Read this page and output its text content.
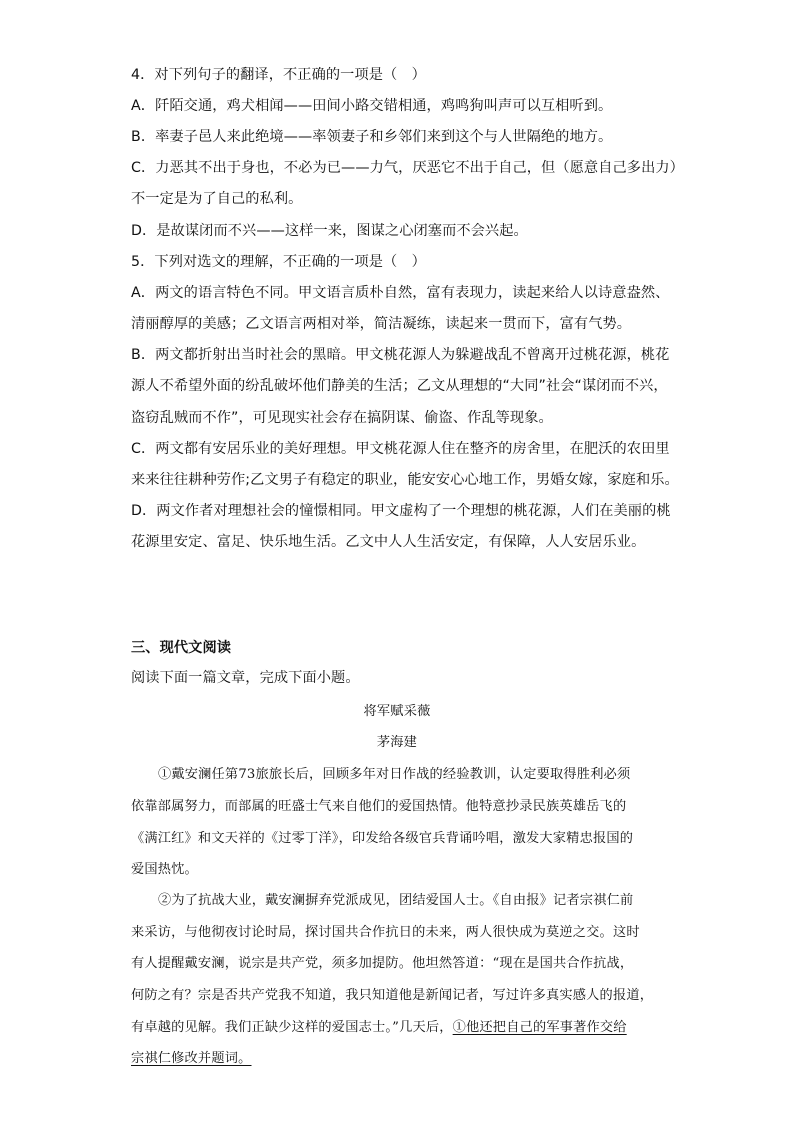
4．对下列句子的翻译，不正确的一项是（　）
A．阡陌交通，鸡犬相闻——田间小路交错相通，鸡鸣狗叫声可以互相听到。
B．率妻子邑人来此绝境——率领妻子和乡邻们来到这个与人世隔绝的地方。
C．力恶其不出于身也，不必为已——力气，厌恶它不出于自己，但（愿意自己多出力）
不一定是为了自己的私利。
D．是故谋闭而不兴——这样一来，图谋之心闭塞而不会兴起。
5．下列对选文的理解，不正确的一项是（　）
A．两文的语言特色不同。甲文语言质朴自然，富有表现力，读起来给人以诗意盎然、
清丽醇厚的美感；乙文语言两相对举，简洁凝练，读起来一贯而下，富有气势。
B．两文都折射出当时社会的黑暗。甲文桃花源人为躲避战乱不曾离开过桃花源，桃花
源人不希望外面的纷乱破坏他们静美的生活；乙文从理想的“大同”社会“谋闭而不兴，
盗窃乱贼而不作”，可见现实社会存在搞阴谋、偷盗、作乱等现象。
C．两文都有安居乐业的美好理想。甲文桃花源人住在整齐的房舍里，在肥沃的农田里
来来往往耕种劳作;乙文男子有稳定的职业，能安安心心地工作，男婚女嫁，家庭和乐。
D．两文作者对理想社会的憧憬相同。甲文虚构了一个理想的桃花源，人们在美丽的桃
花源里安定、富足、快乐地生活。乙文中人人生活安定，有保障，人人安居乐业。
三、现代文阅读
阅读下面一篇文章，完成下面小题。
将军赋采薇
茅海建
①戴安澜任第73旅旅长后，回顾多年对日作战的经验教训，认定要取得胜利必须
依靠部属努力，而部属的旺盛士气来自他们的爱国热情。他特意抄录民族英雄岳飞的
《满江红》和文天祥的《过零丁洋》，印发给各级官兵背诵吟唱，激发大家精忠报国的
爱国热忱。
②为了抗战大业，戴安澜摒弃党派成见，团结爱国人士。《自由报》记者宗祺仁前
来采访，与他彻夜讨论时局，探讨国共合作抗日的未来，两人很快成为莫逆之交。这时
有人提醒戴安澜，说宗是共产党，须多加提防。他坦然答道：“现在是国共合作抗战，
何防之有？宗是否共产党我不知道，我只知道他是新闻记者，写过许多真实感人的报道，
有卓越的见解。我们正缺少这样的爱国志士。”几天后，①他还把自己的军事著作交给
宗祺仁修改并题词。
